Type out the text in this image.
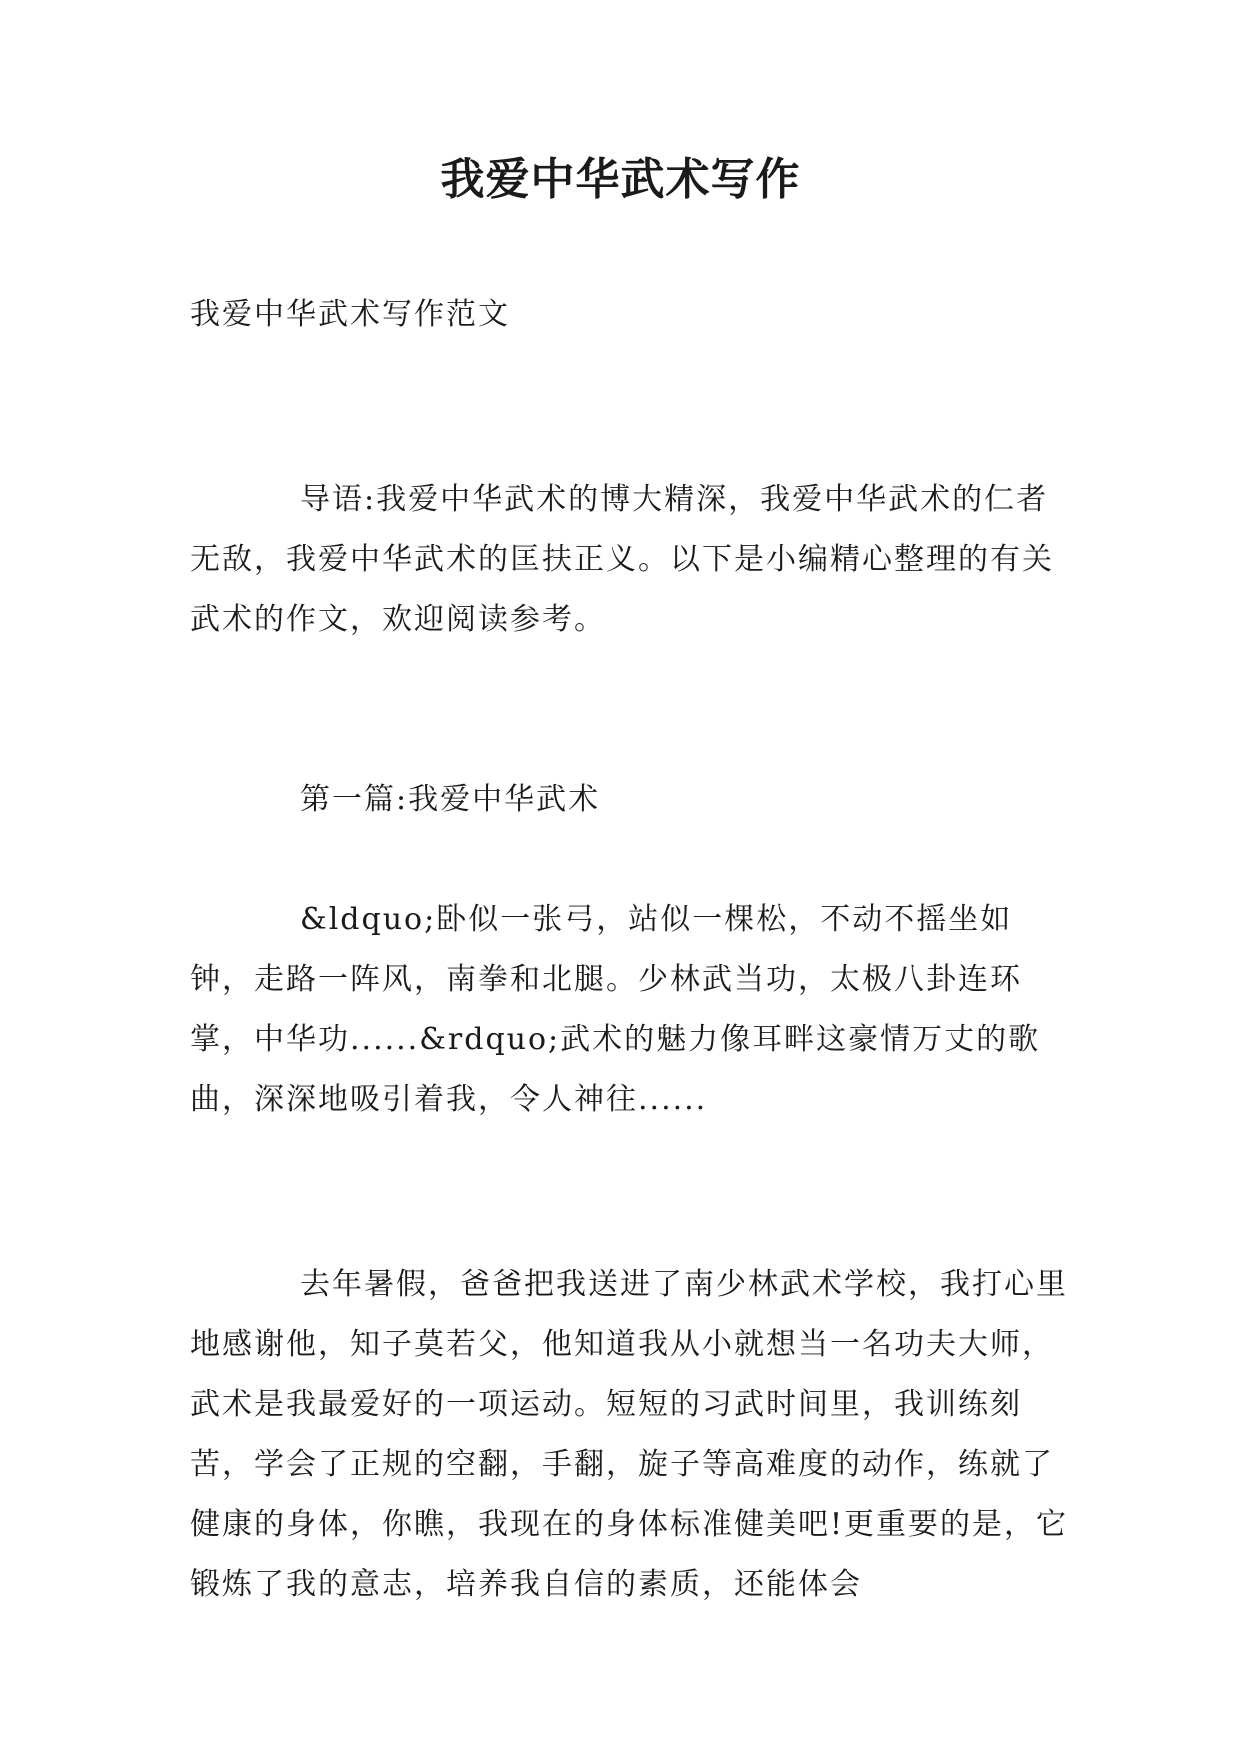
我爱中华武术写作

我爱中华武术写作范文

导语:我爱中华武术的博大精深，我爱中华武术的仁者无敌，我爱中华武术的匡扶正义。以下是小编精心整理的有关武术的作文，欢迎阅读参考。

第一篇:我爱中华武术

&ldquo;卧似一张弓，站似一棵松，不动不摇坐如钟，走路一阵风，南拳和北腿。少林武当功，太极八卦连环掌，中华功......&rdquo;武术的魅力像耳畔这豪情万丈的歌曲，深深地吸引着我，令人神往......

去年暑假，爸爸把我送进了南少林武术学校，我打心里地感谢他，知子莫若父，他知道我从小就想当一名功夫大师，武术是我最爱好的一项运动。短短的习武时间里，我训练刻苦，学会了正规的空翻，手翻，旋子等高难度的动作，练就了健康的身体，你瞧，我现在的身体标准健美吧!更重要的是，它锻炼了我的意志，培养我自信的素质，还能体会
